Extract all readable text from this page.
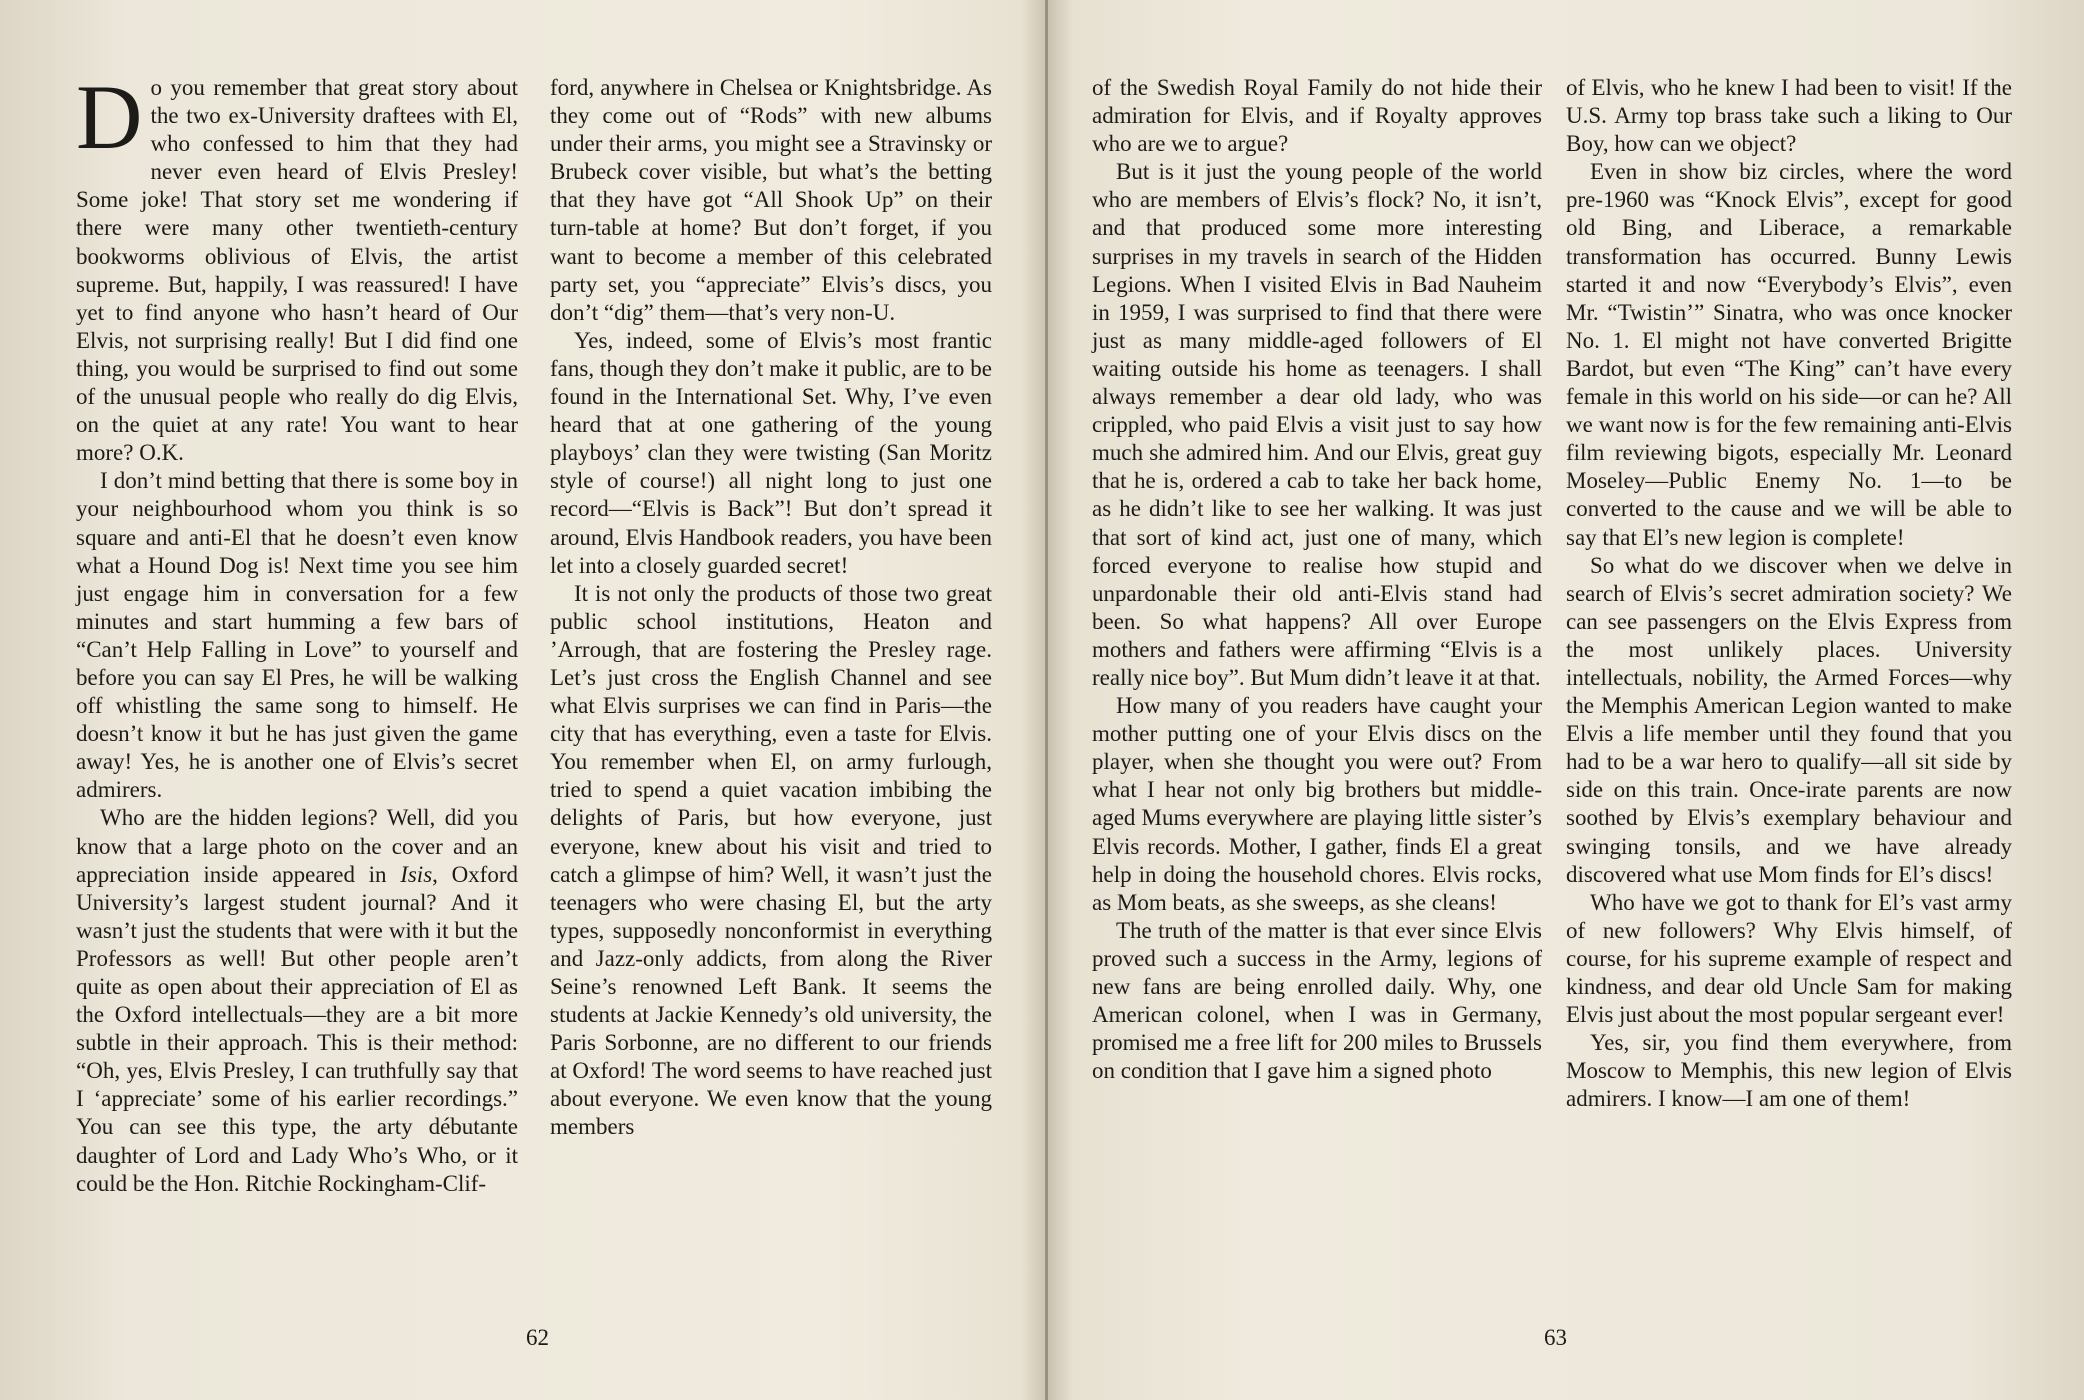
Do you remember that great story about the two ex-University draftees with El, who confessed to him that they had never even heard of Elvis Presley! Some joke! That story set me wondering if there were many other twentieth-century bookworms oblivious of Elvis, the artist supreme. But, happily, I was reassured! I have yet to find anyone who hasn’t heard of Our Elvis, not surprising really! But I did find one thing, you would be surprised to find out some of the unusual people who really do dig Elvis, on the quiet at any rate! You want to hear more? O.K.

I don’t mind betting that there is some boy in your neighbourhood whom you think is so square and anti-El that he doesn’t even know what a Hound Dog is! Next time you see him just engage him in conversation for a few minutes and start humming a few bars of “Can’t Help Falling in Love” to yourself and before you can say El Pres, he will be walking off whistling the same song to himself. He doesn’t know it but he has just given the game away! Yes, he is another one of Elvis’s secret admirers.

Who are the hidden legions? Well, did you know that a large photo on the cover and an appreciation inside appeared in Isis, Oxford University’s largest student journal? And it wasn’t just the students that were with it but the Professors as well! But other people aren’t quite as open about their appreciation of El as the Oxford intellectuals—they are a bit more subtle in their approach. This is their method: “Oh, yes, Elvis Presley, I can truthfully say that I ‘appreciate’ some of his earlier recordings.” You can see this type, the arty débutante daughter of Lord and Lady Who’s Who, or it could be the Hon. Ritchie Rockingham-Clif-

ford, anywhere in Chelsea or Knightsbridge. As they come out of “Rods” with new albums under their arms, you might see a Stravinsky or Brubeck cover visible, but what’s the betting that they have got “All Shook Up” on their turn-table at home? But don’t forget, if you want to become a member of this celebrated party set, you “appreciate” Elvis’s discs, you don’t “dig” them—that’s very non-U.

Yes, indeed, some of Elvis’s most frantic fans, though they don’t make it public, are to be found in the International Set. Why, I’ve even heard that at one gathering of the young playboys’ clan they were twisting (San Moritz style of course!) all night long to just one record—“Elvis is Back”! But don’t spread it around, Elvis Handbook readers, you have been let into a closely guarded secret!

It is not only the products of those two great public school institutions, Heaton and ’Arrough, that are fostering the Presley rage. Let’s just cross the English Channel and see what Elvis surprises we can find in Paris—the city that has everything, even a taste for Elvis. You remember when El, on army furlough, tried to spend a quiet vacation imbibing the delights of Paris, but how everyone, just everyone, knew about his visit and tried to catch a glimpse of him? Well, it wasn’t just the teenagers who were chasing El, but the arty types, supposedly nonconformist in everything and Jazz-only addicts, from along the River Seine’s renowned Left Bank. It seems the students at Jackie Kennedy’s old university, the Paris Sorbonne, are no different to our friends at Oxford! The word seems to have reached just about everyone. We even know that the young members

62

of the Swedish Royal Family do not hide their admiration for Elvis, and if Royalty approves who are we to argue?

But is it just the young people of the world who are members of Elvis’s flock? No, it isn’t, and that produced some more interesting surprises in my travels in search of the Hidden Legions. When I visited Elvis in Bad Nauheim in 1959, I was surprised to find that there were just as many middle-aged followers of El waiting outside his home as teenagers. I shall always remember a dear old lady, who was crippled, who paid Elvis a visit just to say how much she admired him. And our Elvis, great guy that he is, ordered a cab to take her back home, as he didn’t like to see her walking. It was just that sort of kind act, just one of many, which forced everyone to realise how stupid and unpardonable their old anti-Elvis stand had been. So what happens? All over Europe mothers and fathers were affirming “Elvis is a really nice boy”. But Mum didn’t leave it at that.

How many of you readers have caught your mother putting one of your Elvis discs on the player, when she thought you were out? From what I hear not only big brothers but middle-aged Mums everywhere are playing little sister’s Elvis records. Mother, I gather, finds El a great help in doing the household chores. Elvis rocks, as Mom beats, as she sweeps, as she cleans!

The truth of the matter is that ever since Elvis proved such a success in the Army, legions of new fans are being enrolled daily. Why, one American colonel, when I was in Germany, promised me a free lift for 200 miles to Brussels on condition that I gave him a signed photo

of Elvis, who he knew I had been to visit! If the U.S. Army top brass take such a liking to Our Boy, how can we object?

Even in show biz circles, where the word pre-1960 was “Knock Elvis”, except for good old Bing, and Liberace, a remarkable transformation has occurred. Bunny Lewis started it and now “Everybody’s Elvis”, even Mr. “Twistin’” Sinatra, who was once knocker No. 1. El might not have converted Brigitte Bardot, but even “The King” can’t have every female in this world on his side—or can he? All we want now is for the few remaining anti-Elvis film reviewing bigots, especially Mr. Leonard Moseley—Public Enemy No. 1—to be converted to the cause and we will be able to say that El’s new legion is complete!

So what do we discover when we delve in search of Elvis’s secret admiration society? We can see passengers on the Elvis Express from the most unlikely places. University intellectuals, nobility, the Armed Forces—why the Memphis American Legion wanted to make Elvis a life member until they found that you had to be a war hero to qualify—all sit side by side on this train. Once-irate parents are now soothed by Elvis’s exemplary behaviour and swinging tonsils, and we have already discovered what use Mom finds for El’s discs!

Who have we got to thank for El’s vast army of new followers? Why Elvis himself, of course, for his supreme example of respect and kindness, and dear old Uncle Sam for making Elvis just about the most popular sergeant ever!

Yes, sir, you find them everywhere, from Moscow to Memphis, this new legion of Elvis admirers. I know—I am one of them!

63
